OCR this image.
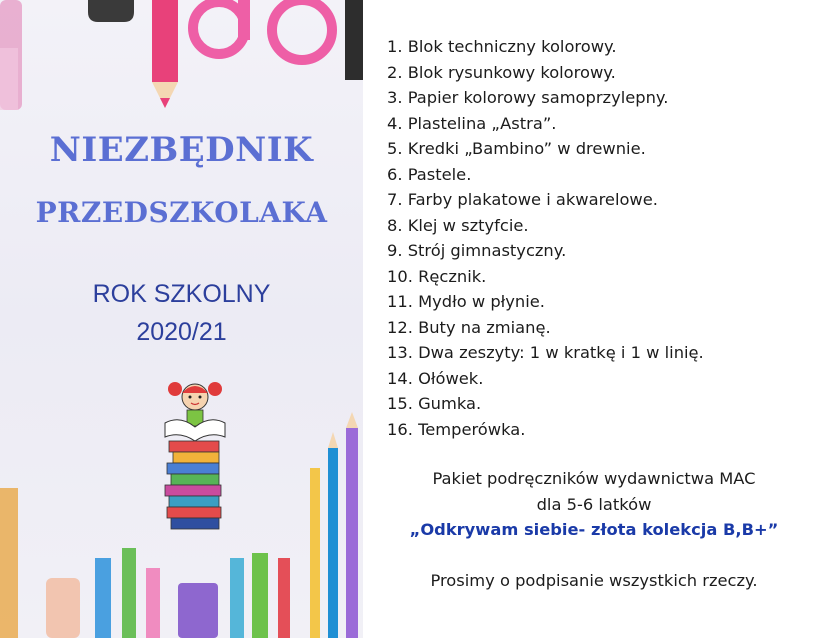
NIEZBĘDNIK
PRZEDSZKOLAKA
ROK SZKOLNY
2020/21
1. Blok techniczny kolorowy.
2. Blok rysunkowy kolorowy.
3. Papier kolorowy samoprzylepny.
4. Plastelina „Astra”.
5. Kredki „Bambino” w drewnie.
6. Pastele.
7. Farby plakatowe i akwarelowe.
8. Klej w sztyfcie.
9. Strój gimnastyczny.
10. Ręcznik.
11. Mydło w płynie.
12. Buty na zmianę.
13. Dwa zeszyty: 1 w kratkę i 1 w linię.
14. Ołówek.
15. Gumka.
16. Temperówka.
Pakiet podręczników wydawnictwa MAC
dla 5-6 latków
„Odkrywam siebie- złota kolekcja B,B+”
Prosimy o podpisanie wszystkich rzeczy.
